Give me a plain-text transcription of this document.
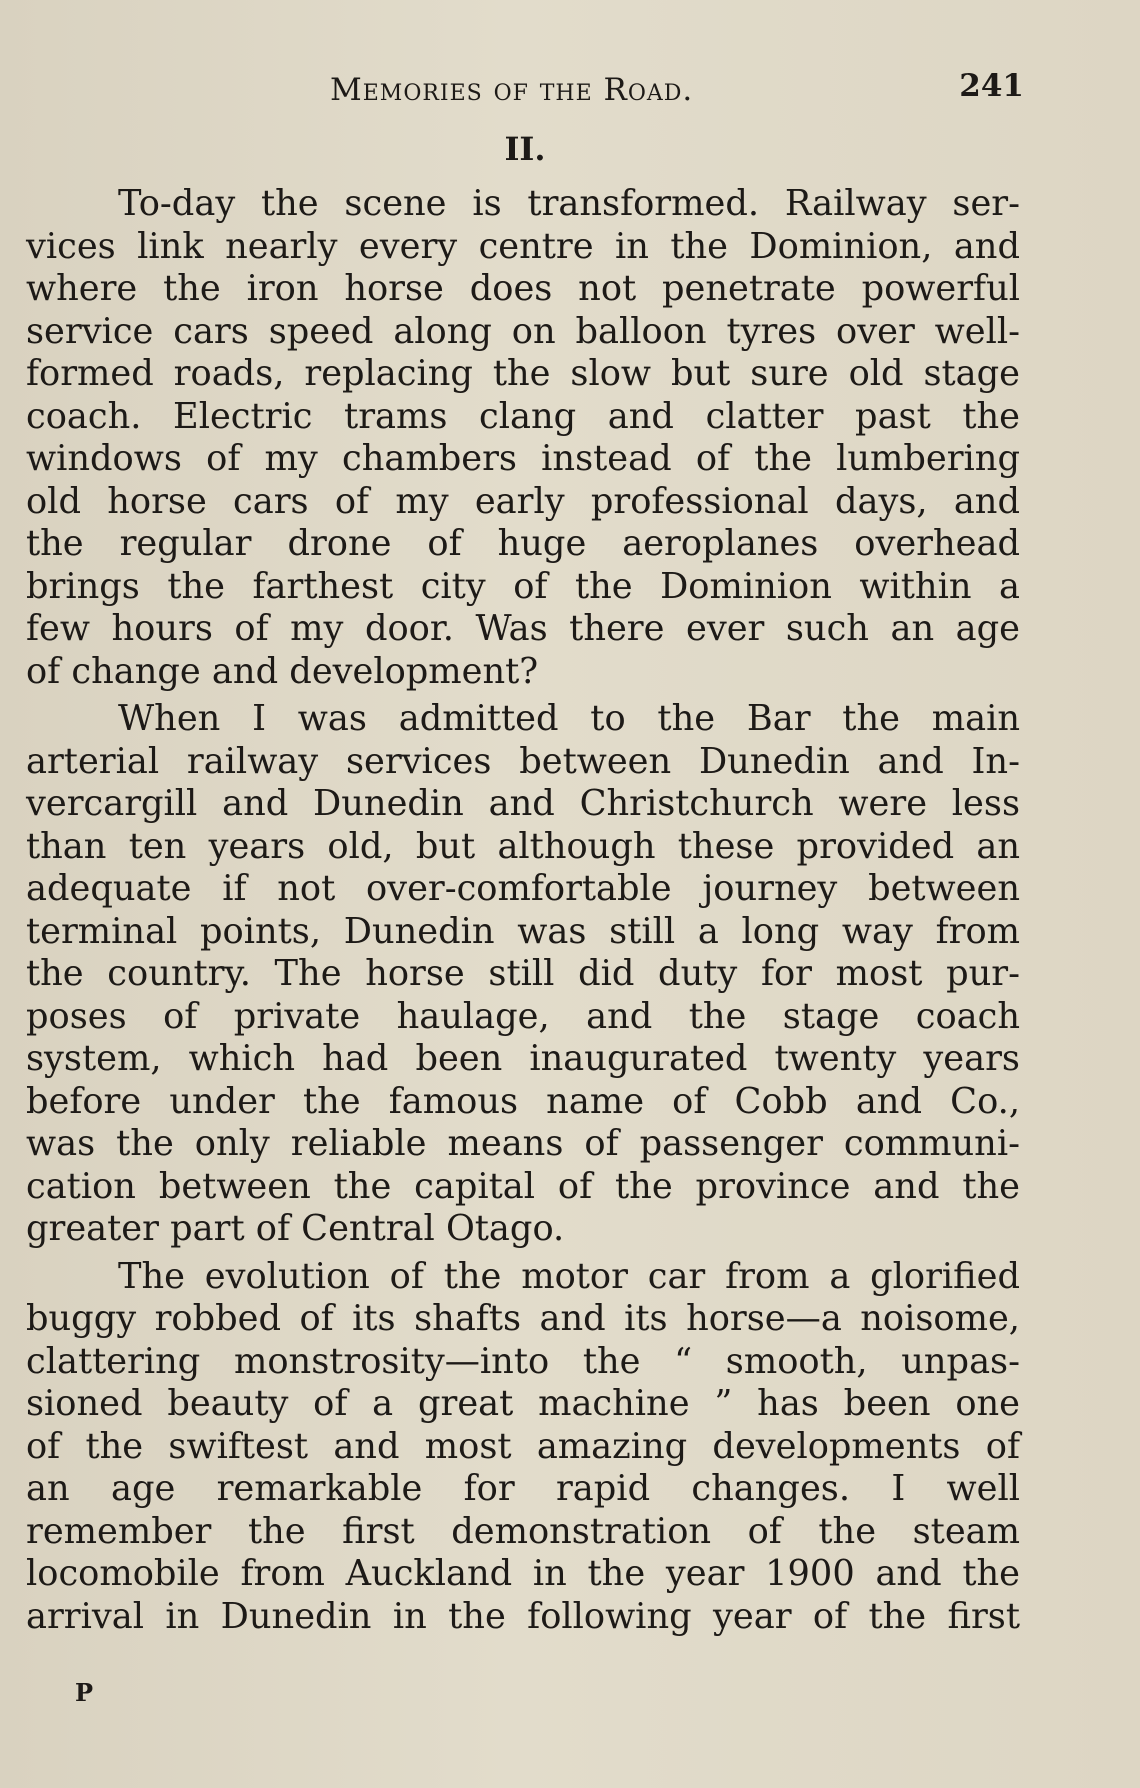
Memories of the Road.	241
II.
To-day the scene is transformed. Railway ser-
vices link nearly every centre in the Dominion, and
where the iron horse does not penetrate powerful
service cars speed along on balloon tyres over well-
formed roads, replacing the slow but sure old stage
coach. Electric trams clang and clatter past the
windows of my chambers instead of the lumbering
old horse cars of my early professional days, and
the regular drone of huge aeroplanes overhead
brings the farthest city of the Dominion within a
few hours of my door. Was there ever such an age
of change and development?
When I was admitted to the Bar the main
arterial railway services between Dunedin and In-
vercargill and Dunedin and Christchurch were less
than ten years old, but although these provided an
adequate if not over-comfortable journey between
terminal points, Dunedin was still a long way from
the country. The horse still did duty for most pur-
poses of private haulage, and the stage coach
system, which had been inaugurated twenty years
before under the famous name of Cobb and Co.,
was the only reliable means of passenger communi-
cation between the capital of the province and the
greater part of Central Otago.
The evolution of the motor car from a glorified
buggy robbed of its shafts and its horse—a noisome,
clattering monstrosity—into the “ smooth, unpas-
sioned beauty of a great machine ” has been one
of the swiftest and most amazing developments of
an age remarkable for rapid changes. I well
remember the first demonstration of the steam
locomobile from Auckland in the year 1900 and the
arrival in Dunedin in the following year of the first
P
